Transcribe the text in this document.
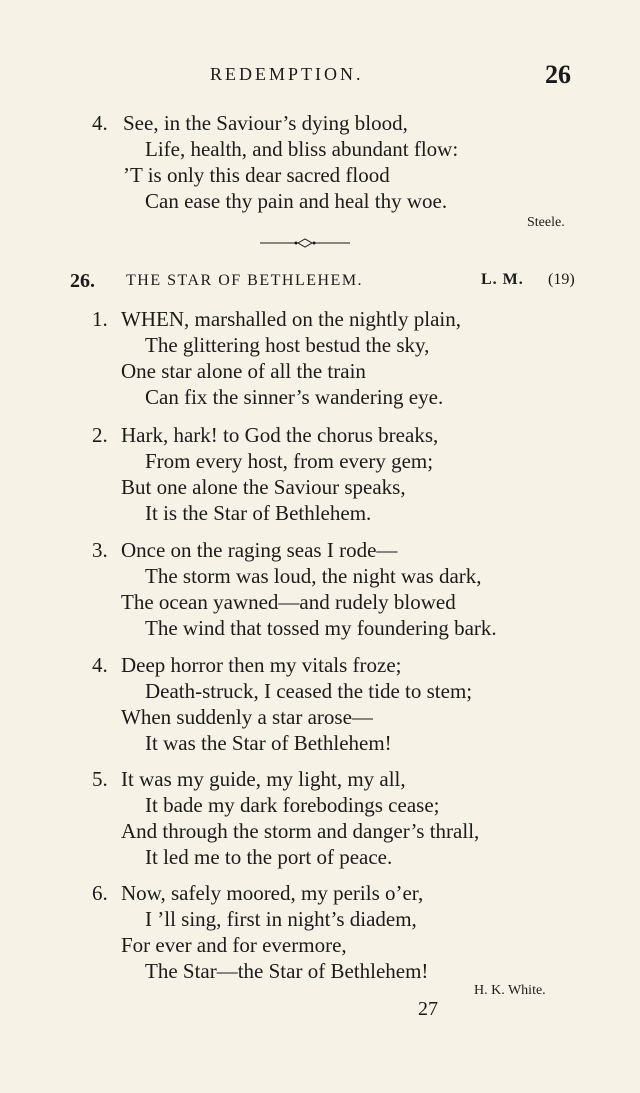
REDEMPTION.	26
4. See, in the Saviour’s dying blood,
Life, health, and bliss abundant flow:
’T is only this dear sacred flood
Can ease thy pain and heal thy woe.
Steele.
26. THE STAR OF BETHLEHEM.	L. M. (19)
1. WHEN, marshalled on the nightly plain,
The glittering host bestud the sky,
One star alone of all the train
Can fix the sinner’s wandering eye.
2. Hark, hark! to God the chorus breaks,
From every host, from every gem;
But one alone the Saviour speaks,
It is the Star of Bethlehem.
3. Once on the raging seas I rode—
The storm was loud, the night was dark,
The ocean yawned—and rudely blowed
The wind that tossed my foundering bark.
4. Deep horror then my vitals froze;
Death-struck, I ceased the tide to stem;
When suddenly a star arose—
It was the Star of Bethlehem!
5. It was my guide, my light, my all,
It bade my dark forebodings cease;
And through the storm and danger’s thrall,
It led me to the port of peace.
6. Now, safely moored, my perils o’er,
I ’ll sing, first in night’s diadem,
For ever and for evermore,
The Star—the Star of Bethlehem!
H. K. White.
27
